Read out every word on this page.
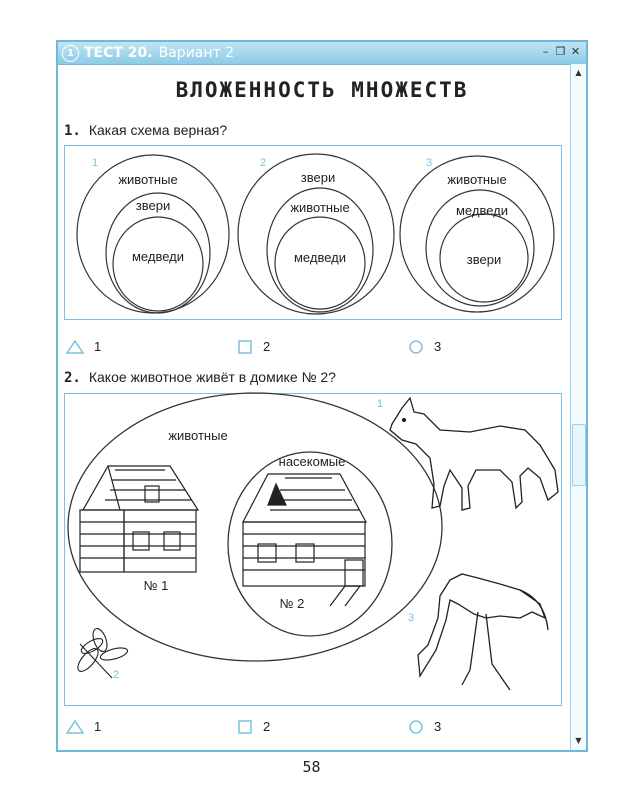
1 ТЕСТ 20. Вариант 2	– ❐ ✕
▲
▼
ВЛОЖЕННОСТЬ МНОЖЕСТВ
1. Какая схема верная?
1
животные
звери
медведи
2
звери
животные
медведи
3
животные
медведи
звери
1	2	3
2. Какое животное живёт в домике № 2?
животные
насекомые
№ 1
№ 2
1
3
2
1	2	3
58
